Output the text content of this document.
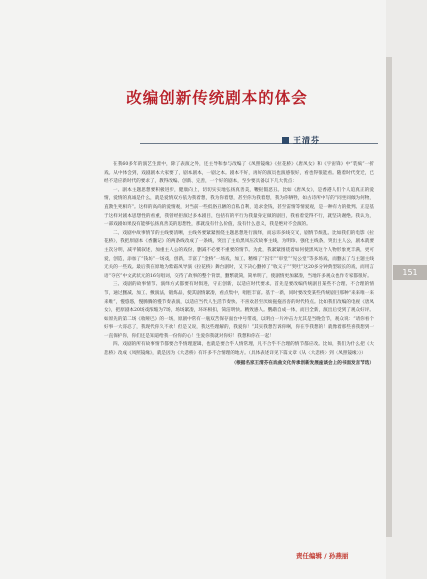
151
改编创新传统剧本的体会
王清芬

在我60多年的演艺生涯中，除了表演之外，还主导和参与改编了《凤照镜缘》《拉花桥》《唐凤女》和《宇宙锋》中“装疯”一折戏。从中体会到，戏剧剧本大家要了，剧本剧本，一剧之本。剧本不好，再好的演员也演感很好，看也得很能看。随着时代变迁，已经不适应新时代的要求了，教得改编、创新、完善，一个好的剧本，至少要具备以下几大优点：

一、剧本主题思想要积极进步，健康向上，切切实实地弘扬真善美，鞭挞假恶丑。比如《唐凤女》，是香港人们个人追真正的爱情，爱情的真诚是什么，就是爱情双方依为我着想，我为你着想，甚至你为我着想，我为你牺牲，如古诗所中写的“同坐同倾为何物，直教生死相许”。这样的高尚的爱情观，对当前一些低俗丑陋的自私自利，追求金钱，甚至雷情等情爱观，是一种有力的批判。正是基于这样对剧本思想性的看重，我曾经拒演过多本剧目，包括有的平行为我量身定做的剧目，我看着觉得不行，就坚决谢绝。我认为，一部戏剧如果没有能够弘扬真善美的思想性，那就没有什么价值，没有什么意义，我是绝对不会演的。

二、戏剧中故事情节的主线要清晰，主线务要紧紧围绕主题思想进行演绎，而忌讳多线交叉，剧情节烦乱。比如我们的电影《拉花桥》，我把原剧本《香囊记》的两条线改成了一条线，突出了主角黑凤压次故事主线，为明珍、强化主线条，突出主人公，剧本就要主次分明，减平铺叙述，加重主人公的戏份，删减不必要不重要的情节。为此，我紧紧围绕着如何使黑凤这个人物形象更丰满，更可爱，创造，添加了“钱坊”一场戏，创新，丰富了“金桥”一场戏，加工、精细了“囚牢”“审堂”“见公堂”等多场戏，而删去了与主题主线无关的一些戏。最后我在原地为紫霜凤导演《拉花桥》舞台剧时，又下决心删掉了“收义子”“突吐”这20多分钟典型较长的戏，而用言语“夺宫”中文武状元的16句唱词，交待了故事的整个背景，删繁就简，简单明了，使剧情更加紧凑，当地许多观众也作专家都很好。

三、戏剧的故事情节、演绎方式都要有时俱进，守正创新，以适应时代要求。首先是要改编传统剧目某些不合理、不合理的情节，通过删减、加工、敷演法，锻炼品，使其剧情紧凑，看点集中，唱腔丰富。基于一新，同时要改变某些传统剧目那种“来来唯一来来唯”，慢悠悠，慢腾腾的慢节奏表演，以适应当代人生活节奏快、不喜欢甚至厌烦拖拖沓沓的时代特点。比如我们改编的电视《唐凤女》，把原剧本20场戏浓缩为7场，场场紧凑，环环相扣，简洁明快。精致感人。鹦鹉自成一体，而目全新，演出后受到了观众好评。如原先的第二场《收哑巴》的一场，原剧中常有一瓶双苦保存面台中号带戏，以明白一片冲击力尤其是当晚会节，观众说：“请你看个好事一大哥忍了，我现代你久不欢！但是又说，我这些理解的，我爱你！”其实我想告诉你啊，你在乎我想的！就像着那些喜我想到一一直保护你，你们还是知道给我一份你的心！生爱你我就对你好！我想和你在一起！

四、戏剧的所有故事情节都要合乎情理逻辑，也就是要合乎人情常理，凡不合乎不合理的情节都应改。比如，我们为什么把《大悲桥》改成《凤照镜缘》，就是因为《大悲桥》有许多不合情理的地方。（具体表述详见下篇文章《从〈大悲桥〉到〈凤照镜缘〉》）

（根据名家王清芬在戏曲文化传承创新发展座谈会上的书面发言节选）

责任编辑 / 孙燕丽
